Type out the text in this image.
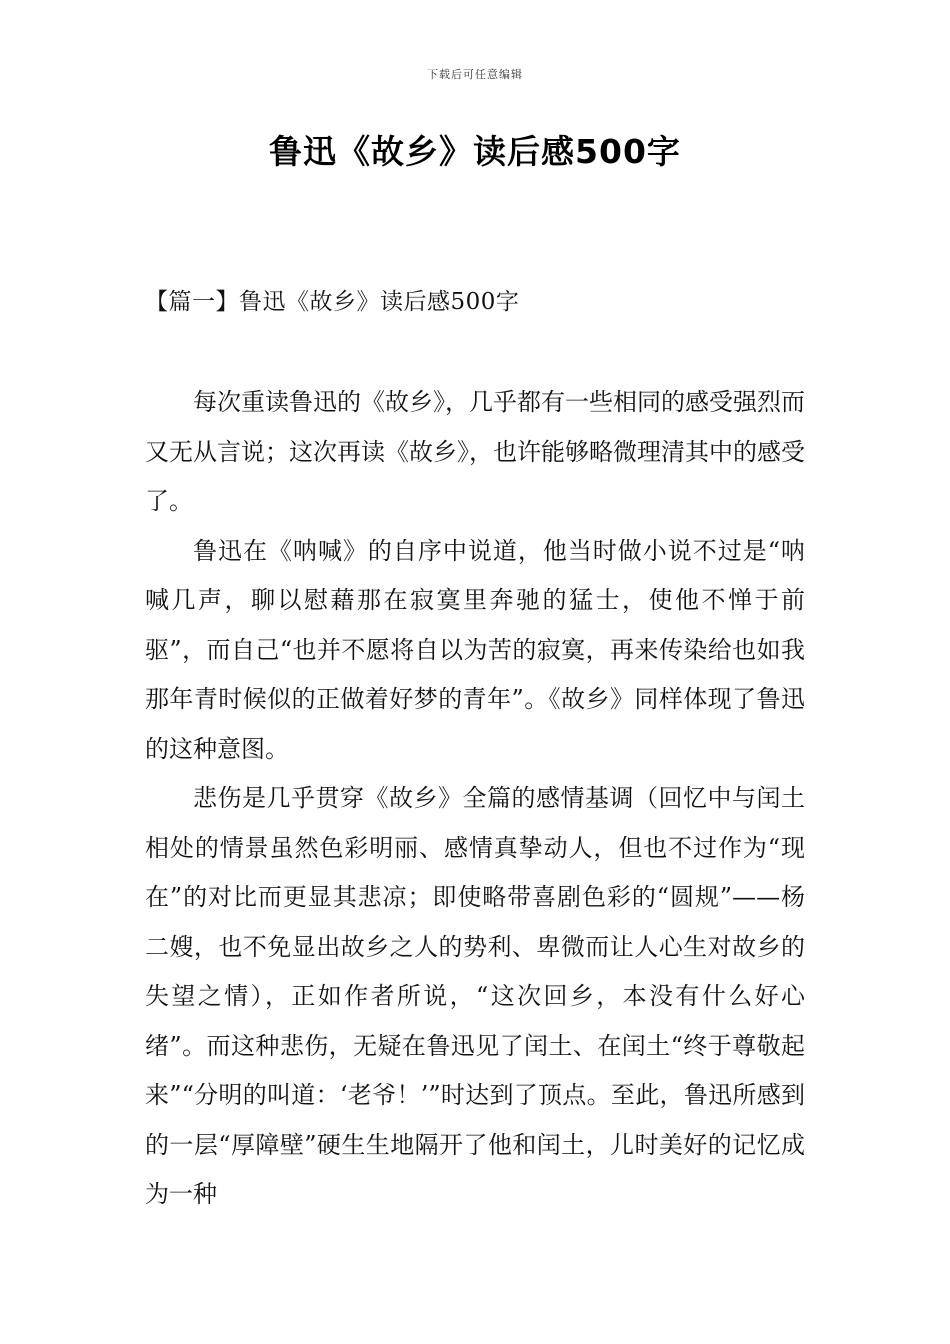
下载后可任意编辑
鲁迅《故乡》读后感500字
【篇一】鲁迅《故乡》读后感500字

每次重读鲁迅的《故乡》，几乎都有一些相同的感受强烈而又无从言说；这次再读《故乡》，也许能够略微理清其中的感受了。

鲁迅在《呐喊》的自序中说道，他当时做小说不过是“呐喊几声，聊以慰藉那在寂寞里奔驰的猛士，使他不惮于前驱”，而自己“也并不愿将自以为苦的寂寞，再来传染给也如我那年青时候似的正做着好梦的青年”。《故乡》同样体现了鲁迅的这种意图。

悲伤是几乎贯穿《故乡》全篇的感情基调（回忆中与闰土相处的情景虽然色彩明丽、感情真挚动人，但也不过作为“现在”的对比而更显其悲凉；即使略带喜剧色彩的“圆规”——杨二嫂，也不免显出故乡之人的势利、卑微而让人心生对故乡的失望之情），正如作者所说，“这次回乡，本没有什么好心绪”。而这种悲伤，无疑在鲁迅见了闰土、在闰土“终于尊敬起来”“分明的叫道：‘老爷！’”时达到了顶点。至此，鲁迅所感到的一层“厚障壁”硬生生地隔开了他和闰土，儿时美好的记忆成为一种
